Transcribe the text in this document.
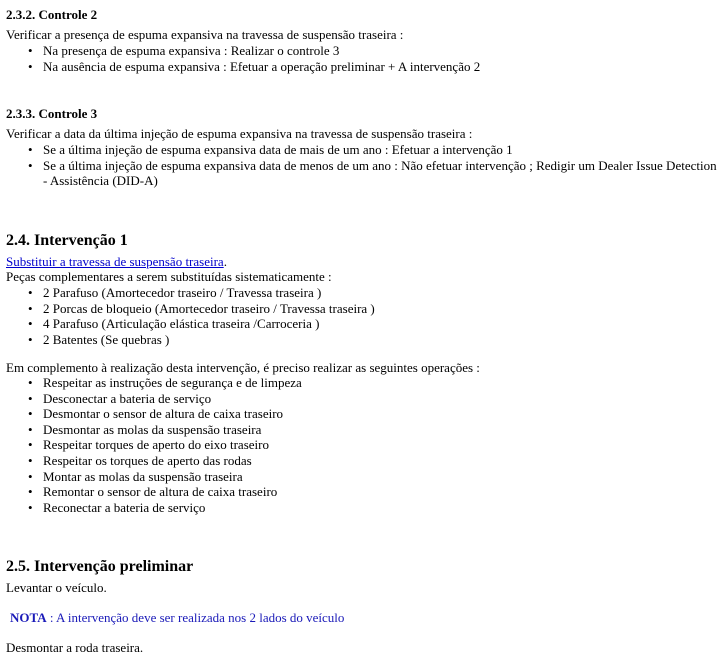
2.3.2. Controle 2

Verificar a presença de espuma expansiva na travessa de suspensão traseira :

• Na presença de espuma expansiva : Realizar o controle 3
• Na ausência de espuma expansiva : Efetuar a operação preliminar + A intervenção 2
2.3.3. Controle 3

Verificar a data da última injeção de espuma expansiva na travessa de suspensão traseira :

• Se a última injeção de espuma expansiva data de mais de um ano : Efetuar a intervenção 1
• Se a última injeção de espuma expansiva data de menos de um ano : Não efetuar intervenção ; Redigir um Dealer Issue Detection
- Assistência (DID-A)
2.4. Intervenção 1

Substituir a travessa de suspensão traseira.

Peças complementares a serem substituídas sistematicamente :

• 2 Parafuso (Amortecedor traseiro / Travessa traseira )
• 2 Porcas de bloqueio (Amortecedor traseiro / Travessa traseira )
• 4 Parafuso (Articulação elástica traseira /Carroceria )
• 2 Batentes (Se quebras )

Em complemento à realização desta intervenção, é preciso realizar as seguintes operações :

• Respeitar as instruções de segurança e de limpeza
• Desconectar a bateria de serviço
• Desmontar o sensor de altura de caixa traseiro
• Desmontar as molas da suspensão traseira
• Respeitar torques de aperto do eixo traseiro
• Respeitar os torques de aperto das rodas
• Montar as molas da suspensão traseira
• Remontar o sensor de altura de caixa traseiro
• Reconectar a bateria de serviço
2.5. Intervenção preliminar

Levantar o veículo.

NOTA : A intervenção deve ser realizada nos 2 lados do veículo

Desmontar a roda traseira.
